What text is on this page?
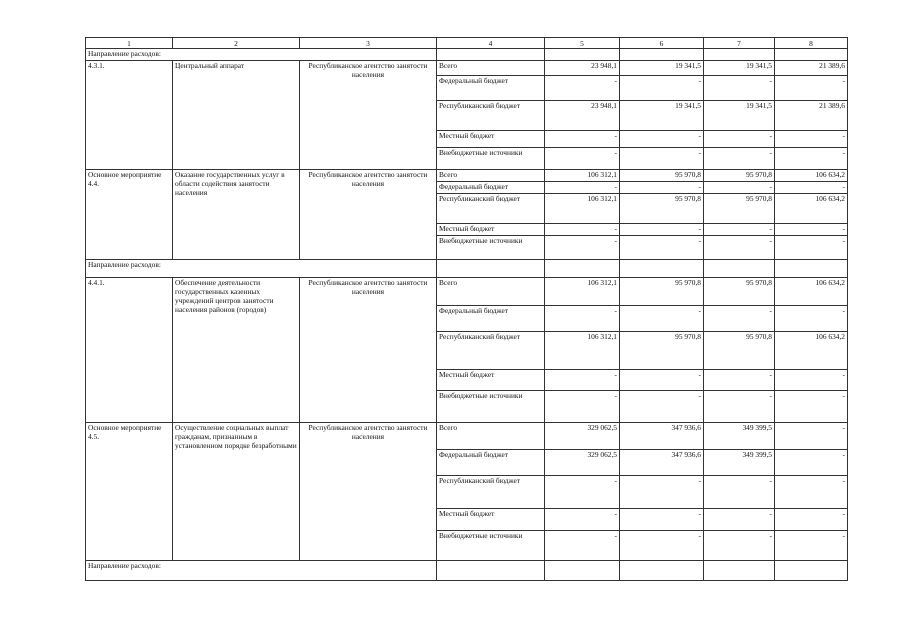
1	2	3	4	5	6	7	8
Направление расходов:							
4.3.1.	Центральный аппарат	Республиканское агентство занятости населения	Всего	23 948,1	19 341,5	19 341,5	21 389,6
			Федеральный бюджет	-	-	-	-
			Республиканский бюджет	23 948,1	19 341,5	19 341,5	21 389,6
			Местный бюджет	-	-	-	-
			Внебюджетные источники	-	-	-	-
Основное мероприятие 4.4.	Оказание государственных услуг в области содействия занятости населения	Республиканское агентство занятости населения	Всего	106 312,1	95 970,8	95 970,8	106 634,2
			Федеральный бюджет	-	-	-	-
			Республиканский бюджет	106 312,1	95 970,8	95 970,8	106 634,2
			Местный бюджет	-	-	-	-
			Внебюджетные источники	-	-	-	-
Направление расходов:							
4.4.1.	Обеспечение деятельности государственных казенных учреждений центров занятости населения районов (городов)	Республиканское агентство занятости населения	Всего	106 312,1	95 970,8	95 970,8	106 634,2
			Федеральный бюджет	-	-	-	-
			Республиканский бюджет	106 312,1	95 970,8	95 970,8	106 634,2
			Местный бюджет	-	-	-	-
			Внебюджетные источники	-	-	-	-
Основное мероприятие 4.5.	Осуществление социальных выплат гражданам, признанным в установленном порядке безработными	Республиканское агентство занятости населения	Всего	329 062,5	347 936,6	349 399,5	-
			Федеральный бюджет	329 062,5	347 936,6	349 399,5	-
			Республиканский бюджет	-	-	-	-
			Местный бюджет	-	-	-	-
			Внебюджетные источники	-	-	-	-
Направление расходов:							
